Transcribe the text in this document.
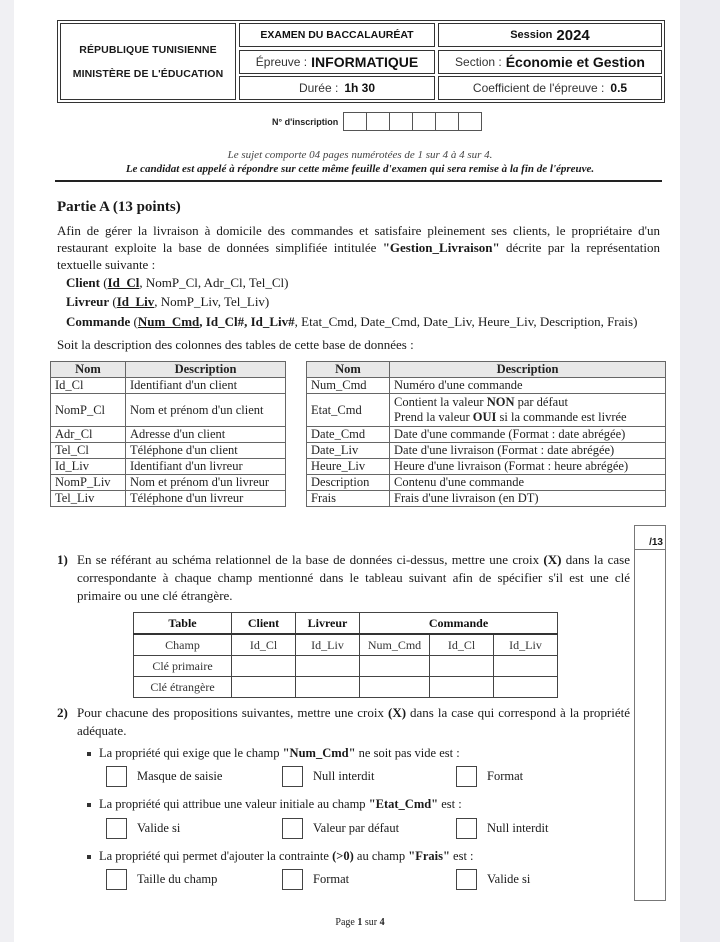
RÉPUBLIQUE TUNISIENNE
MINISTÈRE DE L'ÉDUCATION
EXAMEN DU BACCALAURÉAT
Épreuve : INFORMATIQUE
Durée : 1h 30
Session 2024
Section : Économie et Gestion
Coefficient de l'épreuve : 0.5
N° d'inscription
Le sujet comporte 04 pages numérotées de 1 sur 4 à 4 sur 4.
Le candidat est appelé à répondre sur cette même feuille d'examen qui sera remise à la fin de l'épreuve.
Partie A (13 points)
Afin de gérer la livraison à domicile des commandes et satisfaire pleinement ses clients, le propriétaire d'un restaurant exploite la base de données simplifiée intitulée "Gestion_Livraison" décrite par la représentation textuelle suivante :
Client (Id_Cl, NomP_Cl, Adr_Cl, Tel_Cl)
Livreur (Id_Liv, NomP_Liv, Tel_Liv)
Commande (Num_Cmd, Id_Cl#, Id_Liv#, Etat_Cmd, Date_Cmd, Date_Liv, Heure_Liv, Description, Frais)
Soit la description des colonnes des tables de cette base de données :
Nom	Description
Id_Cl	Identifiant d'un client
NomP_Cl	Nom et prénom d'un client
Adr_Cl	Adresse d'un client
Tel_Cl	Téléphone d'un client
Id_Liv	Identifiant d'un livreur
NomP_Liv	Nom et prénom d'un livreur
Tel_Liv	Téléphone d'un livreur
Nom	Description
Num_Cmd	Numéro d'une commande
Etat_Cmd	Contient la valeur NON par défaut
Prend la valeur OUI si la commande est livrée
Date_Cmd	Date d'une commande (Format : date abrégée)
Date_Liv	Date d'une livraison (Format : date abrégée)
Heure_Liv	Heure d'une livraison (Format : heure abrégée)
Description	Contenu d'une commande
Frais	Frais d'une livraison (en DT)
/13
1) En se référant au schéma relationnel de la base de données ci-dessus, mettre une croix (X) dans la case correspondante à chaque champ mentionné dans le tableau suivant afin de spécifier s'il est une clé primaire ou une clé étrangère.
Table	Client	Livreur	Commande		
Champ	Id_Cl	Id_Liv	Num_Cmd	Id_Cl	Id_Liv
Clé primaire					
Clé étrangère					
2) Pour chacune des propositions suivantes, mettre une croix (X) dans la case qui correspond à la propriété adéquate.
La propriété qui exige que le champ "Num_Cmd" ne soit pas vide est :
Masque de saisie	Null interdit	Format
La propriété qui attribue une valeur initiale au champ "Etat_Cmd" est :
Valide si	Valeur par défaut	Null interdit
La propriété qui permet d'ajouter la contrainte (>0) au champ "Frais" est :
Taille du champ	Format	Valide si
Page 1 sur 4
